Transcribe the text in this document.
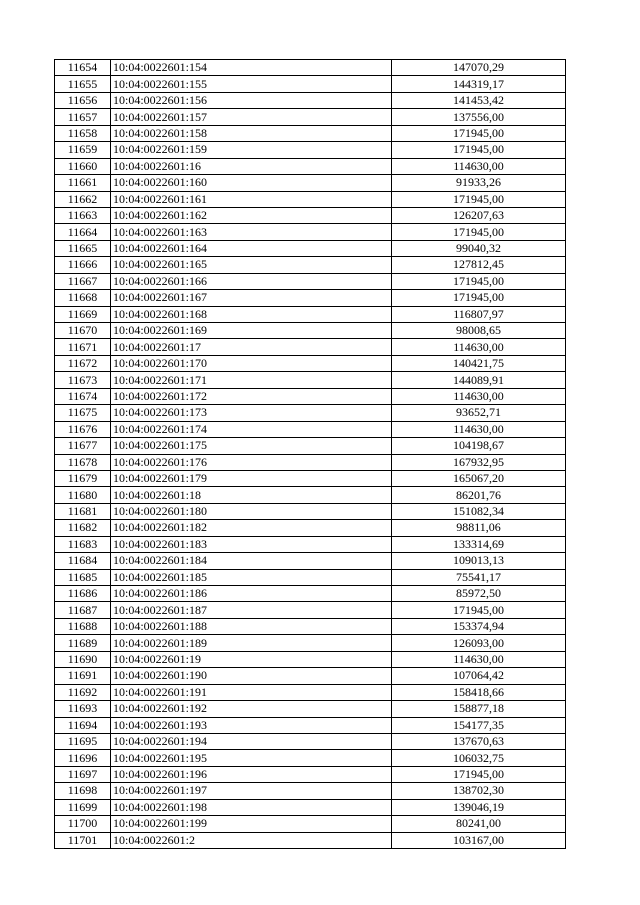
11654	10:04:0022601:154	147070,29
11655	10:04:0022601:155	144319,17
11656	10:04:0022601:156	141453,42
11657	10:04:0022601:157	137556,00
11658	10:04:0022601:158	171945,00
11659	10:04:0022601:159	171945,00
11660	10:04:0022601:16	114630,00
11661	10:04:0022601:160	91933,26
11662	10:04:0022601:161	171945,00
11663	10:04:0022601:162	126207,63
11664	10:04:0022601:163	171945,00
11665	10:04:0022601:164	99040,32
11666	10:04:0022601:165	127812,45
11667	10:04:0022601:166	171945,00
11668	10:04:0022601:167	171945,00
11669	10:04:0022601:168	116807,97
11670	10:04:0022601:169	98008,65
11671	10:04:0022601:17	114630,00
11672	10:04:0022601:170	140421,75
11673	10:04:0022601:171	144089,91
11674	10:04:0022601:172	114630,00
11675	10:04:0022601:173	93652,71
11676	10:04:0022601:174	114630,00
11677	10:04:0022601:175	104198,67
11678	10:04:0022601:176	167932,95
11679	10:04:0022601:179	165067,20
11680	10:04:0022601:18	86201,76
11681	10:04:0022601:180	151082,34
11682	10:04:0022601:182	98811,06
11683	10:04:0022601:183	133314,69
11684	10:04:0022601:184	109013,13
11685	10:04:0022601:185	75541,17
11686	10:04:0022601:186	85972,50
11687	10:04:0022601:187	171945,00
11688	10:04:0022601:188	153374,94
11689	10:04:0022601:189	126093,00
11690	10:04:0022601:19	114630,00
11691	10:04:0022601:190	107064,42
11692	10:04:0022601:191	158418,66
11693	10:04:0022601:192	158877,18
11694	10:04:0022601:193	154177,35
11695	10:04:0022601:194	137670,63
11696	10:04:0022601:195	106032,75
11697	10:04:0022601:196	171945,00
11698	10:04:0022601:197	138702,30
11699	10:04:0022601:198	139046,19
11700	10:04:0022601:199	80241,00
11701	10:04:0022601:2	103167,00
